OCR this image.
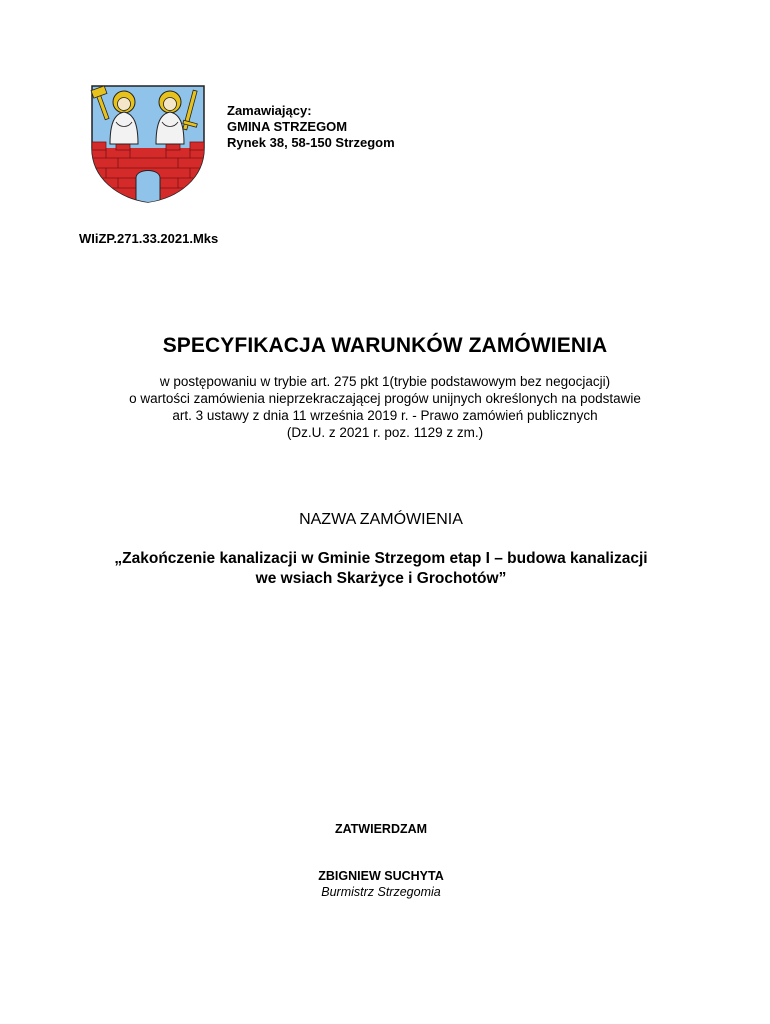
Zamawiający:
GMINA STRZEGOM
Rynek 38, 58-150 Strzegom
WIiZP.271.33.2021.Mks
SPECYFIKACJA WARUNKÓW ZAMÓWIENIA
w postępowaniu w trybie art. 275 pkt 1(trybie podstawowym bez negocjacji)
o wartości zamówienia nieprzekraczającej progów unijnych określonych na podstawie
art. 3 ustawy z dnia 11 września 2019 r. - Prawo zamówień publicznych
(Dz.U. z 2021 r. poz. 1129 z zm.)
NAZWA ZAMÓWIENIA
„Zakończenie kanalizacji w Gminie Strzegom etap I – budowa kanalizacji
we wsiach Skarżyce i Grochotów”
ZATWIERDZAM
ZBIGNIEW SUCHYTA
Burmistrz Strzegomia
